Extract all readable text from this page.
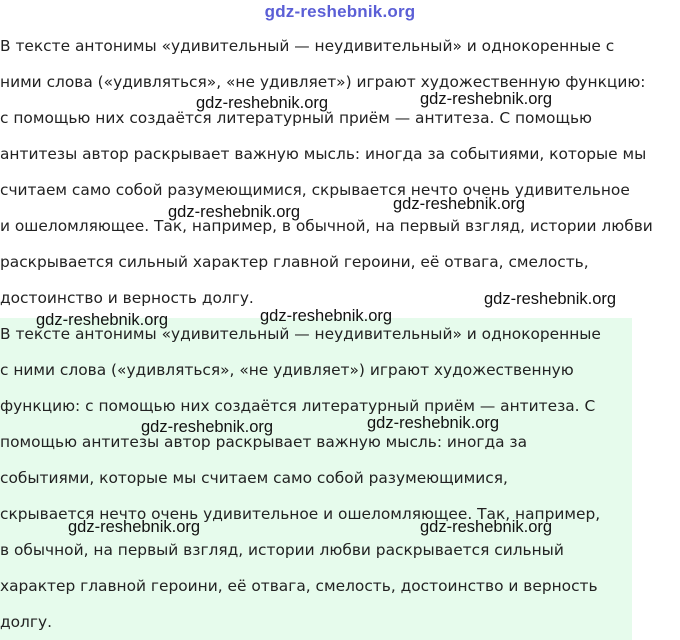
gdz-reshebnik.org
В тексте антонимы «удивительный — неудивительный» и однокоренные с
ними слова («удивляться», «не удивляет») играют художественную функцию:
с помощью них создаётся литературный приём — антитеза. С помощью
антитезы автор раскрывает важную мысль: иногда за событиями, которые мы
считаем само собой разумеющимися, скрывается нечто очень удивительное
и ошеломляющее. Так, например, в обычной, на первый взгляд, истории любви
раскрывается сильный характер главной героини, её отвага, смелость,
достоинство и верность долгу.
В тексте антонимы «удивительный — неудивительный» и однокоренные
с ними слова («удивляться», «не удивляет») играют художественную
функцию: с помощью них создаётся литературный приём — антитеза. С
помощью антитезы автор раскрывает важную мысль: иногда за
событиями, которые мы считаем само собой разумеющимися,
скрывается нечто очень удивительное и ошеломляющее. Так, например,
в обычной, на первый взгляд, истории любви раскрывается сильный
характер главной героини, её отвага, смелость, достоинство и верность
долгу.
gdz-reshebnik.org	gdz-reshebnik.org
gdz-reshebnik.org	gdz-reshebnik.org
gdz-reshebnik.org
gdz-reshebnik.org
gdz-reshebnik.org
gdz-reshebnik.org	gdz-reshebnik.org
gdz-reshebnik.org	gdz-reshebnik.org
